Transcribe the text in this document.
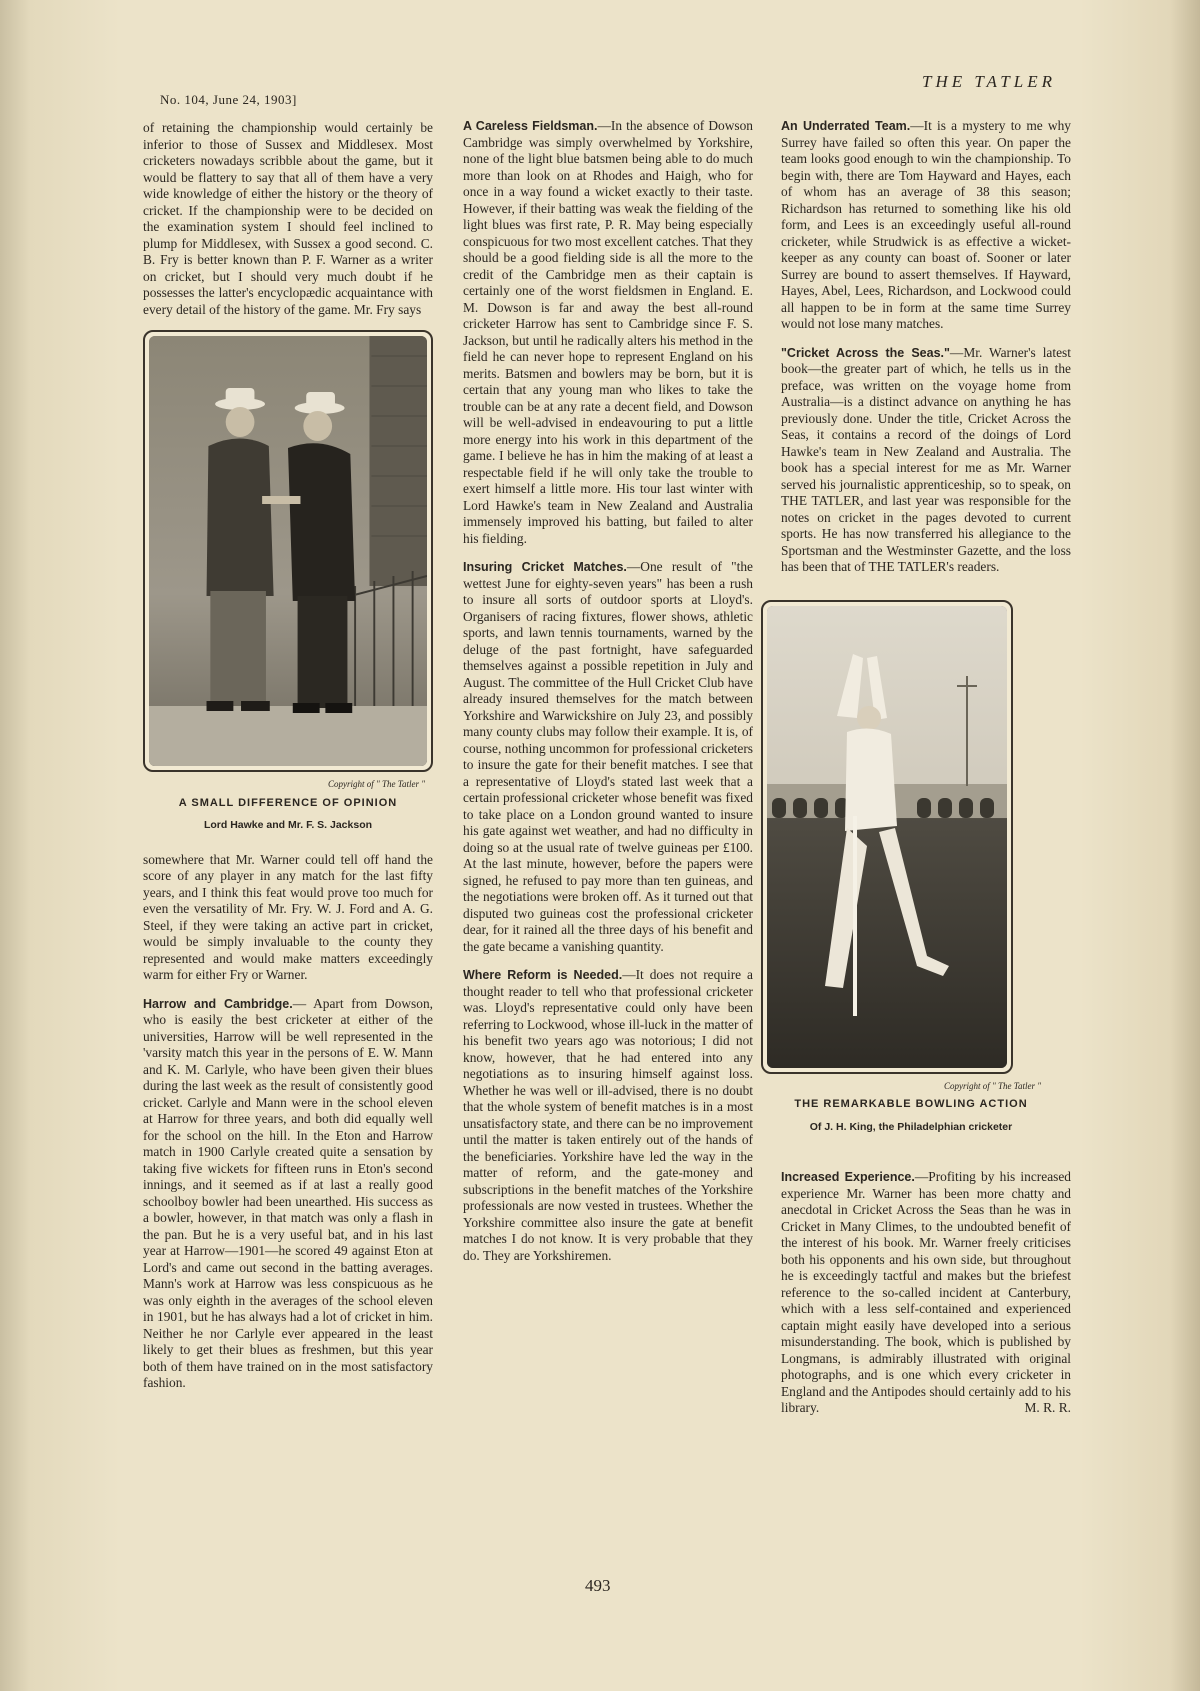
No. 104, June 24, 1903]
THE TATLER

of retaining the championship would certainly be inferior to those of Sussex and Middlesex. Most cricketers nowadays scribble about the game, but it would be flattery to say that all of them have a very wide knowledge of either the history or the theory of cricket. If the championship were to be decided on the examination system I should feel inclined to plump for Middlesex, with Sussex a good second. C. B. Fry is better known than P. F. Warner as a writer on cricket, but I should very much doubt if he possesses the latter's encyclopædic acquaintance with every detail of the history of the game. Mr. Fry says

Copyright of " The Tatler "
A SMALL DIFFERENCE OF OPINION
Lord Hawke and Mr. F. S. Jackson

somewhere that Mr. Warner could tell off hand the score of any player in any match for the last fifty years, and I think this feat would prove too much for even the versatility of Mr. Fry. W. J. Ford and A. G. Steel, if they were taking an active part in cricket, would be simply invaluable to the county they represented and would make matters exceedingly warm for either Fry or Warner.

Harrow and Cambridge.— Apart from Dowson, who is easily the best cricketer at either of the universities, Harrow will be well represented in the 'varsity match this year in the persons of E. W. Mann and K. M. Carlyle, who have been given their blues during the last week as the result of consistently good cricket. Carlyle and Mann were in the school eleven at Harrow for three years, and both did equally well for the school on the hill. In the Eton and Harrow match in 1900 Carlyle created quite a sensation by taking five wickets for fifteen runs in Eton's second innings, and it seemed as if at last a really good schoolboy bowler had been unearthed. His success as a bowler, however, in that match was only a flash in the pan. But he is a very useful bat, and in his last year at Harrow—1901—he scored 49 against Eton at Lord's and came out second in the batting averages. Mann's work at Harrow was less conspicuous as he was only eighth in the averages of the school eleven in 1901, but he has always had a lot of cricket in him. Neither he nor Carlyle ever appeared in the least likely to get their blues as freshmen, but this year both of them have trained on in the most satisfactory fashion.

A Careless Fieldsman.—In the absence of Dowson Cambridge was simply overwhelmed by Yorkshire, none of the light blue batsmen being able to do much more than look on at Rhodes and Haigh, who for once in a way found a wicket exactly to their taste. However, if their batting was weak the fielding of the light blues was first rate, P. R. May being especially conspicuous for two most excellent catches. That they should be a good fielding side is all the more to the credit of the Cambridge men as their captain is certainly one of the worst fieldsmen in England. E. M. Dowson is far and away the best all-round cricketer Harrow has sent to Cambridge since F. S. Jackson, but until he radically alters his method in the field he can never hope to represent England on his merits. Batsmen and bowlers may be born, but it is certain that any young man who likes to take the trouble can be at any rate a decent field, and Dowson will be well-advised in endeavouring to put a little more energy into his work in this department of the game. I believe he has in him the making of at least a respectable field if he will only take the trouble to exert himself a little more. His tour last winter with Lord Hawke's team in New Zealand and Australia immensely improved his batting, but failed to alter his fielding.

Insuring Cricket Matches.—One result of "the wettest June for eighty-seven years" has been a rush to insure all sorts of outdoor sports at Lloyd's. Organisers of racing fixtures, flower shows, athletic sports, and lawn tennis tournaments, warned by the deluge of the past fortnight, have safeguarded themselves against a possible repetition in July and August. The committee of the Hull Cricket Club have already insured themselves for the match between Yorkshire and Warwickshire on July 23, and possibly many county clubs may follow their example. It is, of course, nothing uncommon for professional cricketers to insure the gate for their benefit matches. I see that a representative of Lloyd's stated last week that a certain professional cricketer whose benefit was fixed to take place on a London ground wanted to insure his gate against wet weather, and had no difficulty in doing so at the usual rate of twelve guineas per £100. At the last minute, however, before the papers were signed, he refused to pay more than ten guineas, and the negotiations were broken off. As it turned out that disputed two guineas cost the professional cricketer dear, for it rained all the three days of his benefit and the gate became a vanishing quantity.

Where Reform is Needed.—It does not require a thought reader to tell who that professional cricketer was. Lloyd's representative could only have been referring to Lockwood, whose ill-luck in the matter of his benefit two years ago was notorious; I did not know, however, that he had entered into any negotiations as to insuring himself against loss. Whether he was well or ill-advised, there is no doubt that the whole system of benefit matches is in a most unsatisfactory state, and there can be no improvement until the matter is taken entirely out of the hands of the beneficiaries. Yorkshire have led the way in the matter of reform, and the gate-money and subscriptions in the benefit matches of the Yorkshire professionals are now vested in trustees. Whether the Yorkshire committee also insure the gate at benefit matches I do not know. It is very probable that they do. They are Yorkshiremen.

An Underrated Team.—It is a mystery to me why Surrey have failed so often this year. On paper the team looks good enough to win the championship. To begin with, there are Tom Hayward and Hayes, each of whom has an average of 38 this season; Richardson has returned to something like his old form, and Lees is an exceedingly useful all-round cricketer, while Strudwick is as effective a wicket-keeper as any county can boast of. Sooner or later Surrey are bound to assert themselves. If Hayward, Hayes, Abel, Lees, Richardson, and Lockwood could all happen to be in form at the same time Surrey would not lose many matches.

"Cricket Across the Seas."—Mr. Warner's latest book—the greater part of which, he tells us in the preface, was written on the voyage home from Australia—is a distinct advance on anything he has previously done. Under the title, Cricket Across the Seas, it contains a record of the doings of Lord Hawke's team in New Zealand and Australia. The book has a special interest for me as Mr. Warner served his journalistic apprenticeship, so to speak, on THE TATLER, and last year was responsible for the notes on cricket in the pages devoted to current sports. He has now transferred his allegiance to the Sportsman and the Westminster Gazette, and the loss has been that of THE TATLER's readers.

Copyright of " The Tatler "
THE REMARKABLE BOWLING ACTION
Of J. H. King, the Philadelphian cricketer

Increased Experience.—Profiting by his increased experience Mr. Warner has been more chatty and anecdotal in Cricket Across the Seas than he was in Cricket in Many Climes, to the undoubted benefit of the interest of his book. Mr. Warner freely criticises both his opponents and his own side, but throughout he is exceedingly tactful and makes but the briefest reference to the so-called incident at Canterbury, which with a less self-contained and experienced captain might easily have developed into a serious misunderstanding. The book, which is published by Longmans, is admirably illustrated with original photographs, and is one which every cricketer in England and the Antipodes should certainly add to his library.	M. R. R.

493
